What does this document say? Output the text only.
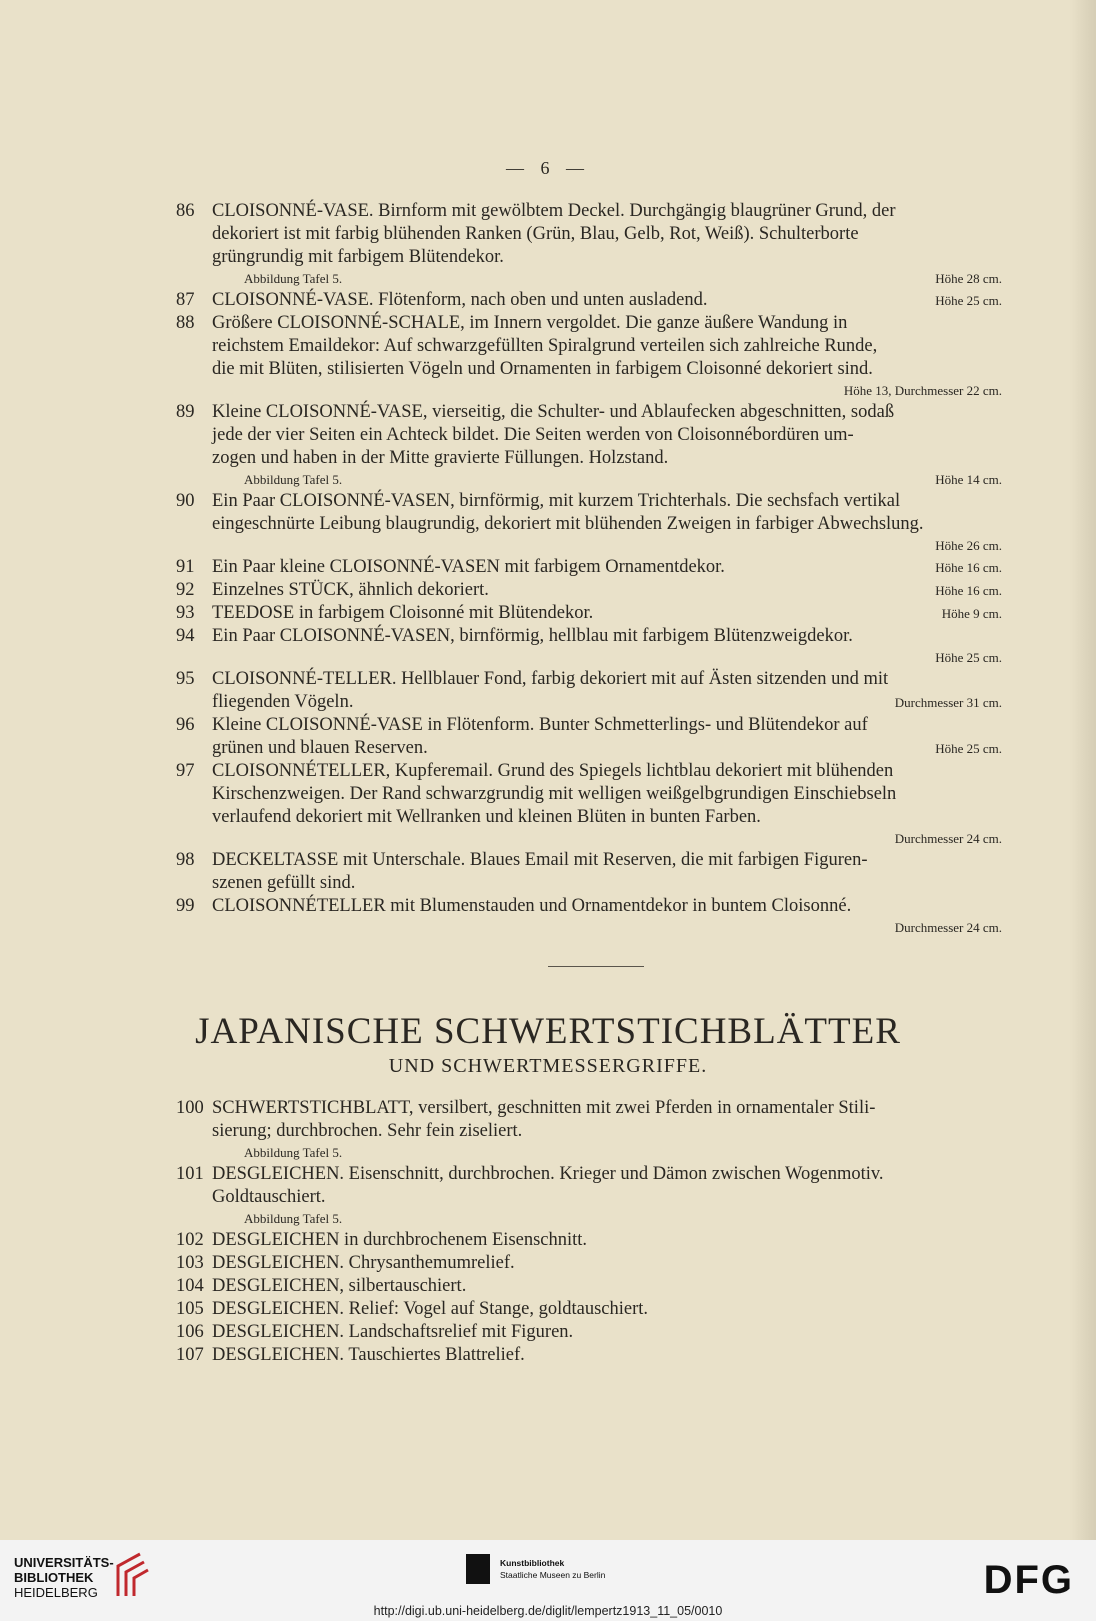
— 6 —
86 CLOISONNÉ-VASE. Birnform mit gewölbtem Deckel. Durchgängig blaugrüner Grund, der
dekoriert ist mit farbig blühenden Ranken (Grün, Blau, Gelb, Rot, Weiß). Schulterborte
grüngrundig mit farbigem Blütendekor.
Abbildung Tafel 5.	Höhe 28 cm.
87 CLOISONNÉ-VASE. Flötenform, nach oben und unten ausladend.	Höhe 25 cm.
88 Größere CLOISONNÉ-SCHALE, im Innern vergoldet. Die ganze äußere Wandung in
reichstem Emaildekor: Auf schwarzgefüllten Spiralgrund verteilen sich zahlreiche Runde,
die mit Blüten, stilisierten Vögeln und Ornamenten in farbigem Cloisonné dekoriert sind.
Höhe 13, Durchmesser 22 cm.
89 Kleine CLOISONNÉ-VASE, vierseitig, die Schulter- und Ablaufecken abgeschnitten, sodaß
jede der vier Seiten ein Achteck bildet. Die Seiten werden von Cloisonnébordüren um-
zogen und haben in der Mitte gravierte Füllungen. Holzstand.
Abbildung Tafel 5.	Höhe 14 cm.
90 Ein Paar CLOISONNÉ-VASEN, birnförmig, mit kurzem Trichterhals. Die sechsfach vertikal
eingeschnürte Leibung blaugrundig, dekoriert mit blühenden Zweigen in farbiger Abwechslung.
Höhe 26 cm.
91 Ein Paar kleine CLOISONNÉ-VASEN mit farbigem Ornamentdekor.	Höhe 16 cm.
92 Einzelnes STÜCK, ähnlich dekoriert.	Höhe 16 cm.
93 TEEDOSE in farbigem Cloisonné mit Blütendekor.	Höhe 9 cm.
94 Ein Paar CLOISONNÉ-VASEN, birnförmig, hellblau mit farbigem Blütenzweigdekor.
Höhe 25 cm.
95 CLOISONNÉ-TELLER. Hellblauer Fond, farbig dekoriert mit auf Ästen sitzenden und mit
fliegenden Vögeln.	Durchmesser 31 cm.
96 Kleine CLOISONNÉ-VASE in Flötenform. Bunter Schmetterlings- und Blütendekor auf
grünen und blauen Reserven.	Höhe 25 cm.
97 CLOISONNÉTELLER, Kupferemail. Grund des Spiegels lichtblau dekoriert mit blühenden
Kirschenzweigen. Der Rand schwarzgrundig mit welligen weißgelbgrundigen Einschiebseln
verlaufend dekoriert mit Wellranken und kleinen Blüten in bunten Farben.
Durchmesser 24 cm.
98 DECKELTASSE mit Unterschale. Blaues Email mit Reserven, die mit farbigen Figuren-
szenen gefüllt sind.
99 CLOISONNÉTELLER mit Blumenstauden und Ornamentdekor in buntem Cloisonné.
Durchmesser 24 cm.
JAPANISCHE SCHWERTSTICHBLÄTTER
UND SCHWERTMESSERGRIFFE.
100 SCHWERTSTICHBLATT, versilbert, geschnitten mit zwei Pferden in ornamentaler Stili-
sierung; durchbrochen. Sehr fein ziseliert.
Abbildung Tafel 5.
101 DESGLEICHEN. Eisenschnitt, durchbrochen. Krieger und Dämon zwischen Wogenmotiv.
Goldtauschiert.
Abbildung Tafel 5.
102 DESGLEICHEN in durchbrochenem Eisenschnitt.
103 DESGLEICHEN. Chrysanthemumrelief.
104 DESGLEICHEN, silbertauschiert.
105 DESGLEICHEN. Relief: Vogel auf Stange, goldtauschiert.
106 DESGLEICHEN. Landschaftsrelief mit Figuren.
107 DESGLEICHEN. Tauschiertes Blattrelief.
UNIVERSITÄTS-
BIBLIOTHEK
HEIDELBERG
Kunstbibliothek
Staatliche Museen zu Berlin	DFG
http://digi.ub.uni-heidelberg.de/diglit/lempertz1913_11_05/0010
